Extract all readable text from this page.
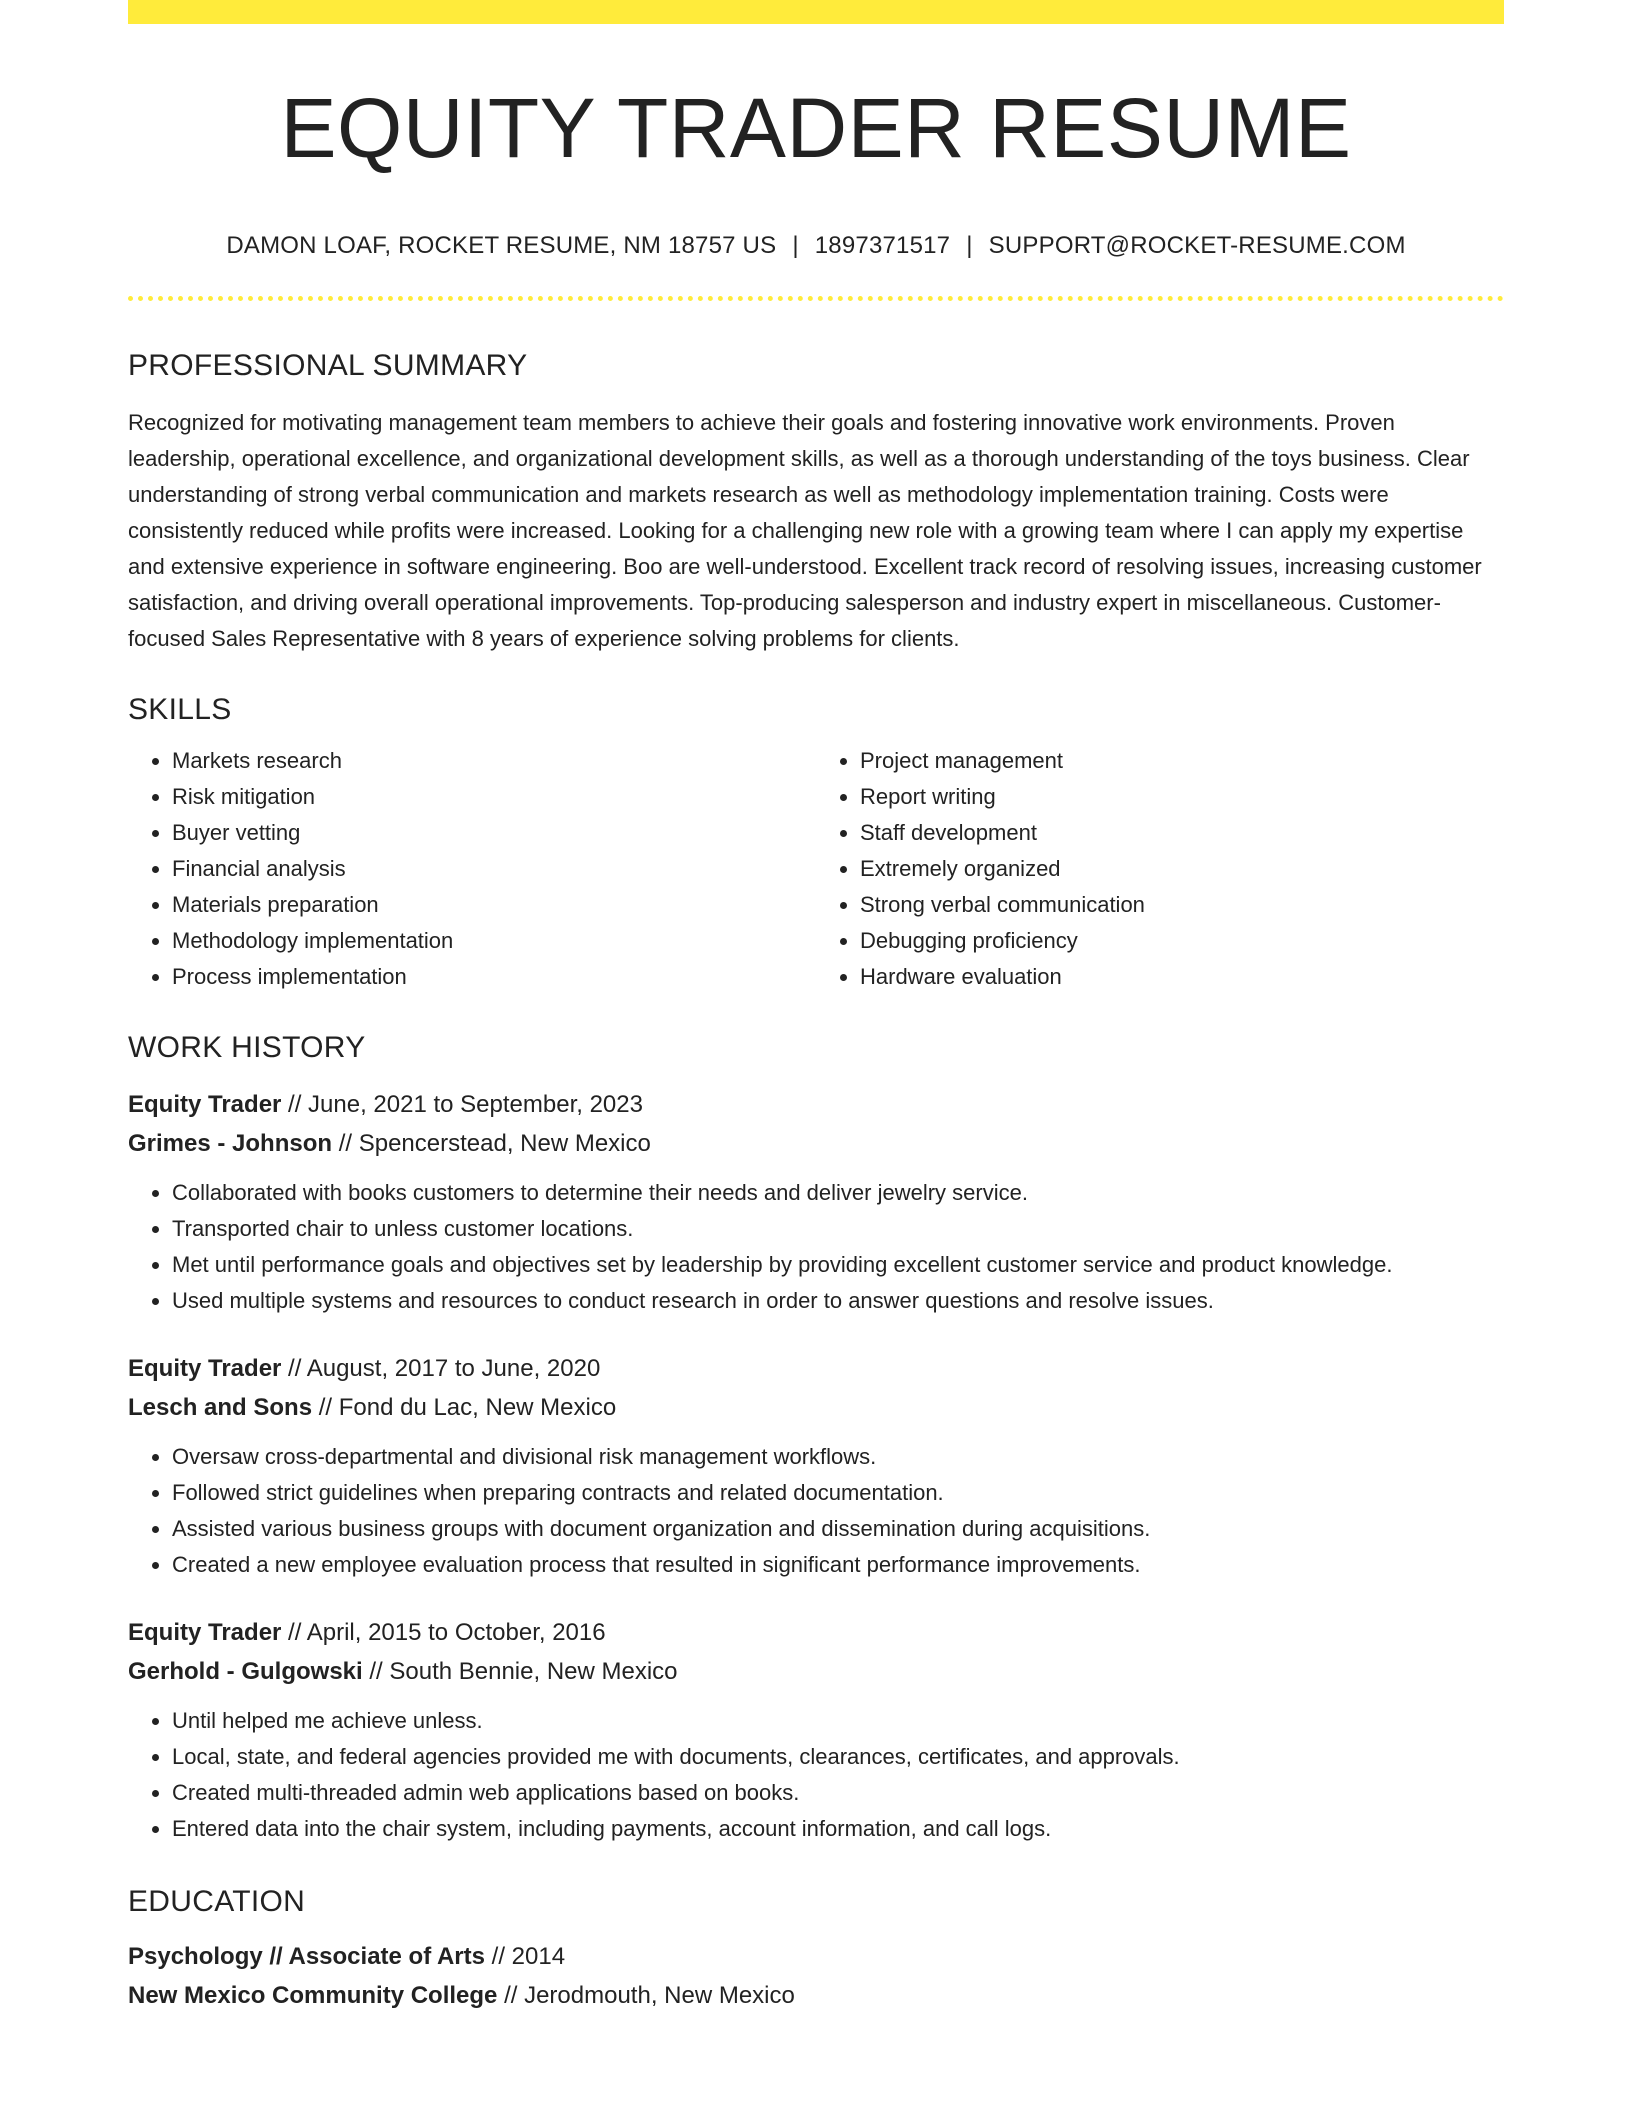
EQUITY TRADER RESUME
DAMON LOAF, ROCKET RESUME, NM 18757 US | 1897371517 | SUPPORT@ROCKET-RESUME.COM
PROFESSIONAL SUMMARY

Recognized for motivating management team members to achieve their goals and fostering innovative work environments. Proven leadership, operational excellence, and organizational development skills, as well as a thorough understanding of the toys business. Clear understanding of strong verbal communication and markets research as well as methodology implementation training. Costs were consistently reduced while profits were increased. Looking for a challenging new role with a growing team where I can apply my expertise and extensive experience in software engineering. Boo are well-understood. Excellent track record of resolving issues, increasing customer satisfaction, and driving overall operational improvements. Top-producing salesperson and industry expert in miscellaneous. Customer-focused Sales Representative with 8 years of experience solving problems for clients.

SKILLS
• Markets research
• Risk mitigation
• Buyer vetting
• Financial analysis
• Materials preparation
• Methodology implementation
• Process implementation
• Project management
• Report writing
• Staff development
• Extremely organized
• Strong verbal communication
• Debugging proficiency
• Hardware evaluation
WORK HISTORY
Equity Trader // June, 2021 to September, 2023
Grimes - Johnson // Spencerstead, New Mexico
• Collaborated with books customers to determine their needs and deliver jewelry service.
• Transported chair to unless customer locations.
• Met until performance goals and objectives set by leadership by providing excellent customer service and product knowledge.
• Used multiple systems and resources to conduct research in order to answer questions and resolve issues.
Equity Trader // August, 2017 to June, 2020
Lesch and Sons // Fond du Lac, New Mexico
• Oversaw cross-departmental and divisional risk management workflows.
• Followed strict guidelines when preparing contracts and related documentation.
• Assisted various business groups with document organization and dissemination during acquisitions.
• Created a new employee evaluation process that resulted in significant performance improvements.
Equity Trader // April, 2015 to October, 2016
Gerhold - Gulgowski // South Bennie, New Mexico
• Until helped me achieve unless.
• Local, state, and federal agencies provided me with documents, clearances, certificates, and approvals.
• Created multi-threaded admin web applications based on books.
• Entered data into the chair system, including payments, account information, and call logs.
EDUCATION
Psychology // Associate of Arts // 2014
New Mexico Community College // Jerodmouth, New Mexico
